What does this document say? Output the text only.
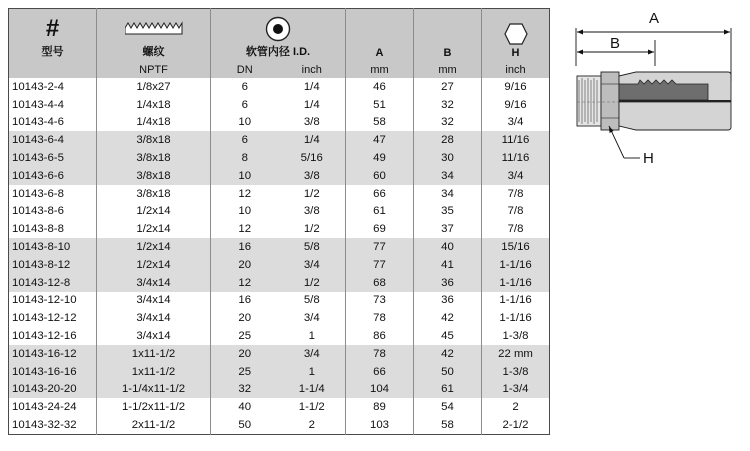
#
型号	螺纹	软管内径 I.D.		A	B	H

	NPTF	DN	inch	mm	mm	inch
10143-2-4	1/8x27	6	1/4	46	27	9/16
10143-4-4	1/4x18	6	1/4	51	32	9/16
10143-4-6	1/4x18	10	3/8	58	32	3/4
10143-6-4	3/8x18	6	1/4	47	28	11/16
10143-6-5	3/8x18	8	5/16	49	30	11/16
10143-6-6	3/8x18	10	3/8	60	34	3/4
10143-6-8	3/8x18	12	1/2	66	34	7/8
10143-8-6	1/2x14	10	3/8	61	35	7/8
10143-8-8	1/2x14	12	1/2	69	37	7/8
10143-8-10	1/2x14	16	5/8	77	40	15/16
10143-8-12	1/2x14	20	3/4	77	41	1-1/16
10143-12-8	3/4x14	12	1/2	68	36	1-1/16
10143-12-10	3/4x14	16	5/8	73	36	1-1/16
10143-12-12	3/4x14	20	3/4	78	42	1-1/16
10143-12-16	3/4x14	25	1	86	45	1-3/8
10143-16-12	1x11-1/2	20	3/4	78	42	22 mm
10143-16-16	1x11-1/2	25	1	66	50	1-3/8
10143-20-20	1-1/4x11-1/2	32	1-1/4	104	61	1-3/4
10143-24-24	1-1/2x11-1/2	40	1-1/2	89	54	2
10143-32-32	2x11-1/2	50	2	103	58	2-1/2
A
B
H
